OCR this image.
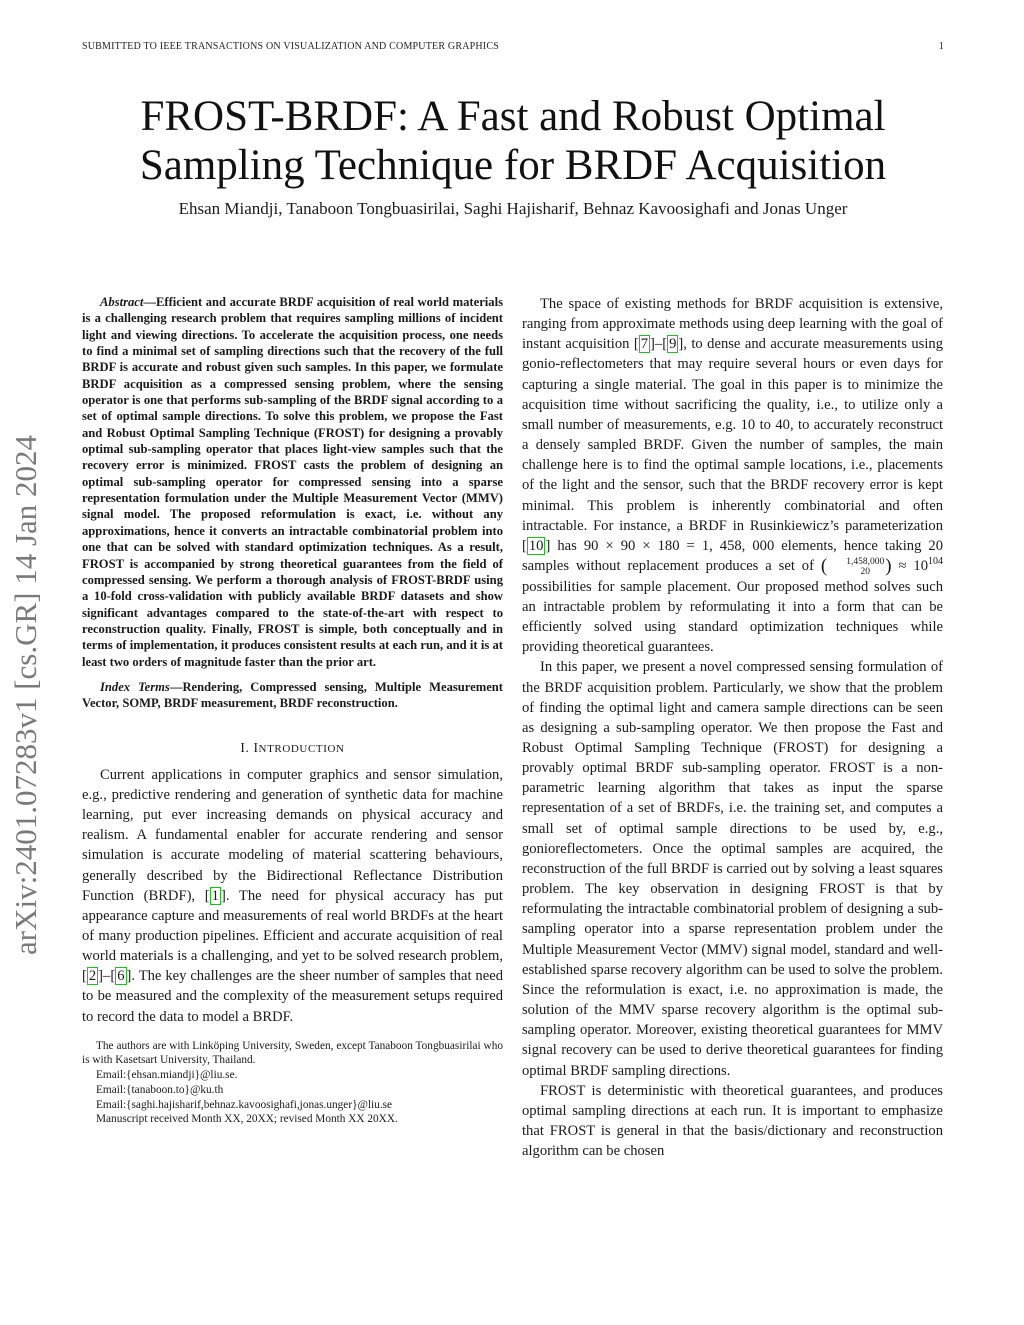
SUBMITTED TO IEEE TRANSACTIONS ON VISUALIZATION AND COMPUTER GRAPHICS	1
arXiv:2401.07283v1 [cs.GR] 14 Jan 2024
FROST-BRDF: A Fast and Robust Optimal
Sampling Technique for BRDF Acquisition
Ehsan Miandji, Tanaboon Tongbuasirilai, Saghi Hajisharif, Behnaz Kavoosighafi and Jonas Unger

Abstract—Efficient and accurate BRDF acquisition of real world materials is a challenging research problem that requires sampling millions of incident light and viewing directions. To accelerate the acquisition process, one needs to find a minimal set of sampling directions such that the recovery of the full BRDF is accurate and robust given such samples. In this paper, we formulate BRDF acquisition as a compressed sensing problem, where the sensing operator is one that performs sub-sampling of the BRDF signal according to a set of optimal sample directions. To solve this problem, we propose the Fast and Robust Optimal Sampling Technique (FROST) for designing a provably optimal sub-sampling operator that places light-view samples such that the recovery error is minimized. FROST casts the problem of designing an optimal sub-sampling operator for compressed sensing into a sparse representation formulation under the Multiple Measurement Vector (MMV) signal model. The proposed reformulation is exact, i.e. without any approximations, hence it converts an intractable combinatorial problem into one that can be solved with standard optimization techniques. As a result, FROST is accompanied by strong theoretical guarantees from the field of compressed sensing. We perform a thorough analysis of FROST-BRDF using a 10-fold cross-validation with publicly available BRDF datasets and show significant advantages compared to the state-of-the-art with respect to reconstruction quality. Finally, FROST is simple, both conceptually and in terms of implementation, it produces consistent results at each run, and it is at least two orders of magnitude faster than the prior art.

Index Terms—Rendering, Compressed sensing, Multiple Measurement Vector, SOMP, BRDF measurement, BRDF reconstruction.

I. INTRODUCTION

Current applications in computer graphics and sensor simulation, e.g., predictive rendering and generation of synthetic data for machine learning, put ever increasing demands on physical accuracy and realism. A fundamental enabler for accurate rendering and sensor simulation is accurate modeling of material scattering behaviours, generally described by the Bidirectional Reflectance Distribution Function (BRDF), [ 1 ]. The need for physical accuracy has put appearance capture and measurements of real world BRDFs at the heart of many production pipelines. Efficient and accurate acquisition of real world materials is a challenging, and yet to be solved research problem, [ 2 ]–[ 6 ]. The key challenges are the sheer number of samples that need to be measured and the complexity of the measurement setups required to record the data to model a BRDF.

The authors are with Linköping University, Sweden, except Tanaboon Tongbuasirilai who is with Kasetsart University, Thailand.
Email:{ehsan.miandji}@liu.se.
Email:{tanaboon.to}@ku.th
Email:{saghi.hajisharif,behnaz.kavoosighafi,jonas.unger}@liu.se
Manuscript received Month XX, 20XX; revised Month XX 20XX.

The space of existing methods for BRDF acquisition is extensive, ranging from approximate methods using deep learning with the goal of instant acquisition [ 7 ]–[ 9 ], to dense and accurate measurements using gonio-reflectometers that may require several hours or even days for capturing a single material. The goal in this paper is to minimize the acquisition time without sacrificing the quality, i.e., to utilize only a small number of measurements, e.g. 10 to 40, to accurately reconstruct a densely sampled BRDF. Given the number of samples, the main challenge here is to find the optimal sample locations, i.e., placements of the light and the sensor, such that the BRDF recovery error is kept minimal. This problem is inherently combinatorial and often intractable. For instance, a BRDF in Rusinkiewicz’s parameterization [ 10 ] has 90 × 90 × 180 = 1, 458, 000 elements, hence taking 20 samples without replacement produces a set of (	1,458,000
20 ) ≈ $10^{104}$ possibilities for sample placement. Our proposed method solves such an intractable problem by reformulating it into a form that can be efficiently solved using standard optimization techniques while providing theoretical guarantees.

In this paper, we present a novel compressed sensing formulation of the BRDF acquisition problem. Particularly, we show that the problem of finding the optimal light and camera sample directions can be seen as designing a sub-sampling operator. We then propose the Fast and Robust Optimal Sampling Technique (FROST) for designing a provably optimal BRDF sub-sampling operator. FROST is a non-parametric learning algorithm that takes as input the sparse representation of a set of BRDFs, i.e. the training set, and computes a small set of optimal sample directions to be used by, e.g., gonioreflectometers. Once the optimal samples are acquired, the reconstruction of the full BRDF is carried out by solving a least squares problem. The key observation in designing FROST is that by reformulating the intractable combinatorial problem of designing a sub-sampling operator into a sparse representation problem under the Multiple Measurement Vector (MMV) signal model, standard and well-established sparse recovery algorithm can be used to solve the problem. Since the reformulation is exact, i.e. no approximation is made, the solution of the MMV sparse recovery algorithm is the optimal sub-sampling operator. Moreover, existing theoretical guarantees for MMV signal recovery can be used to derive theoretical guarantees for finding optimal BRDF sampling directions.

FROST is deterministic with theoretical guarantees, and produces optimal sampling directions at each run. It is important to emphasize that FROST is general in that the basis/dictionary and reconstruction algorithm can be chosen
